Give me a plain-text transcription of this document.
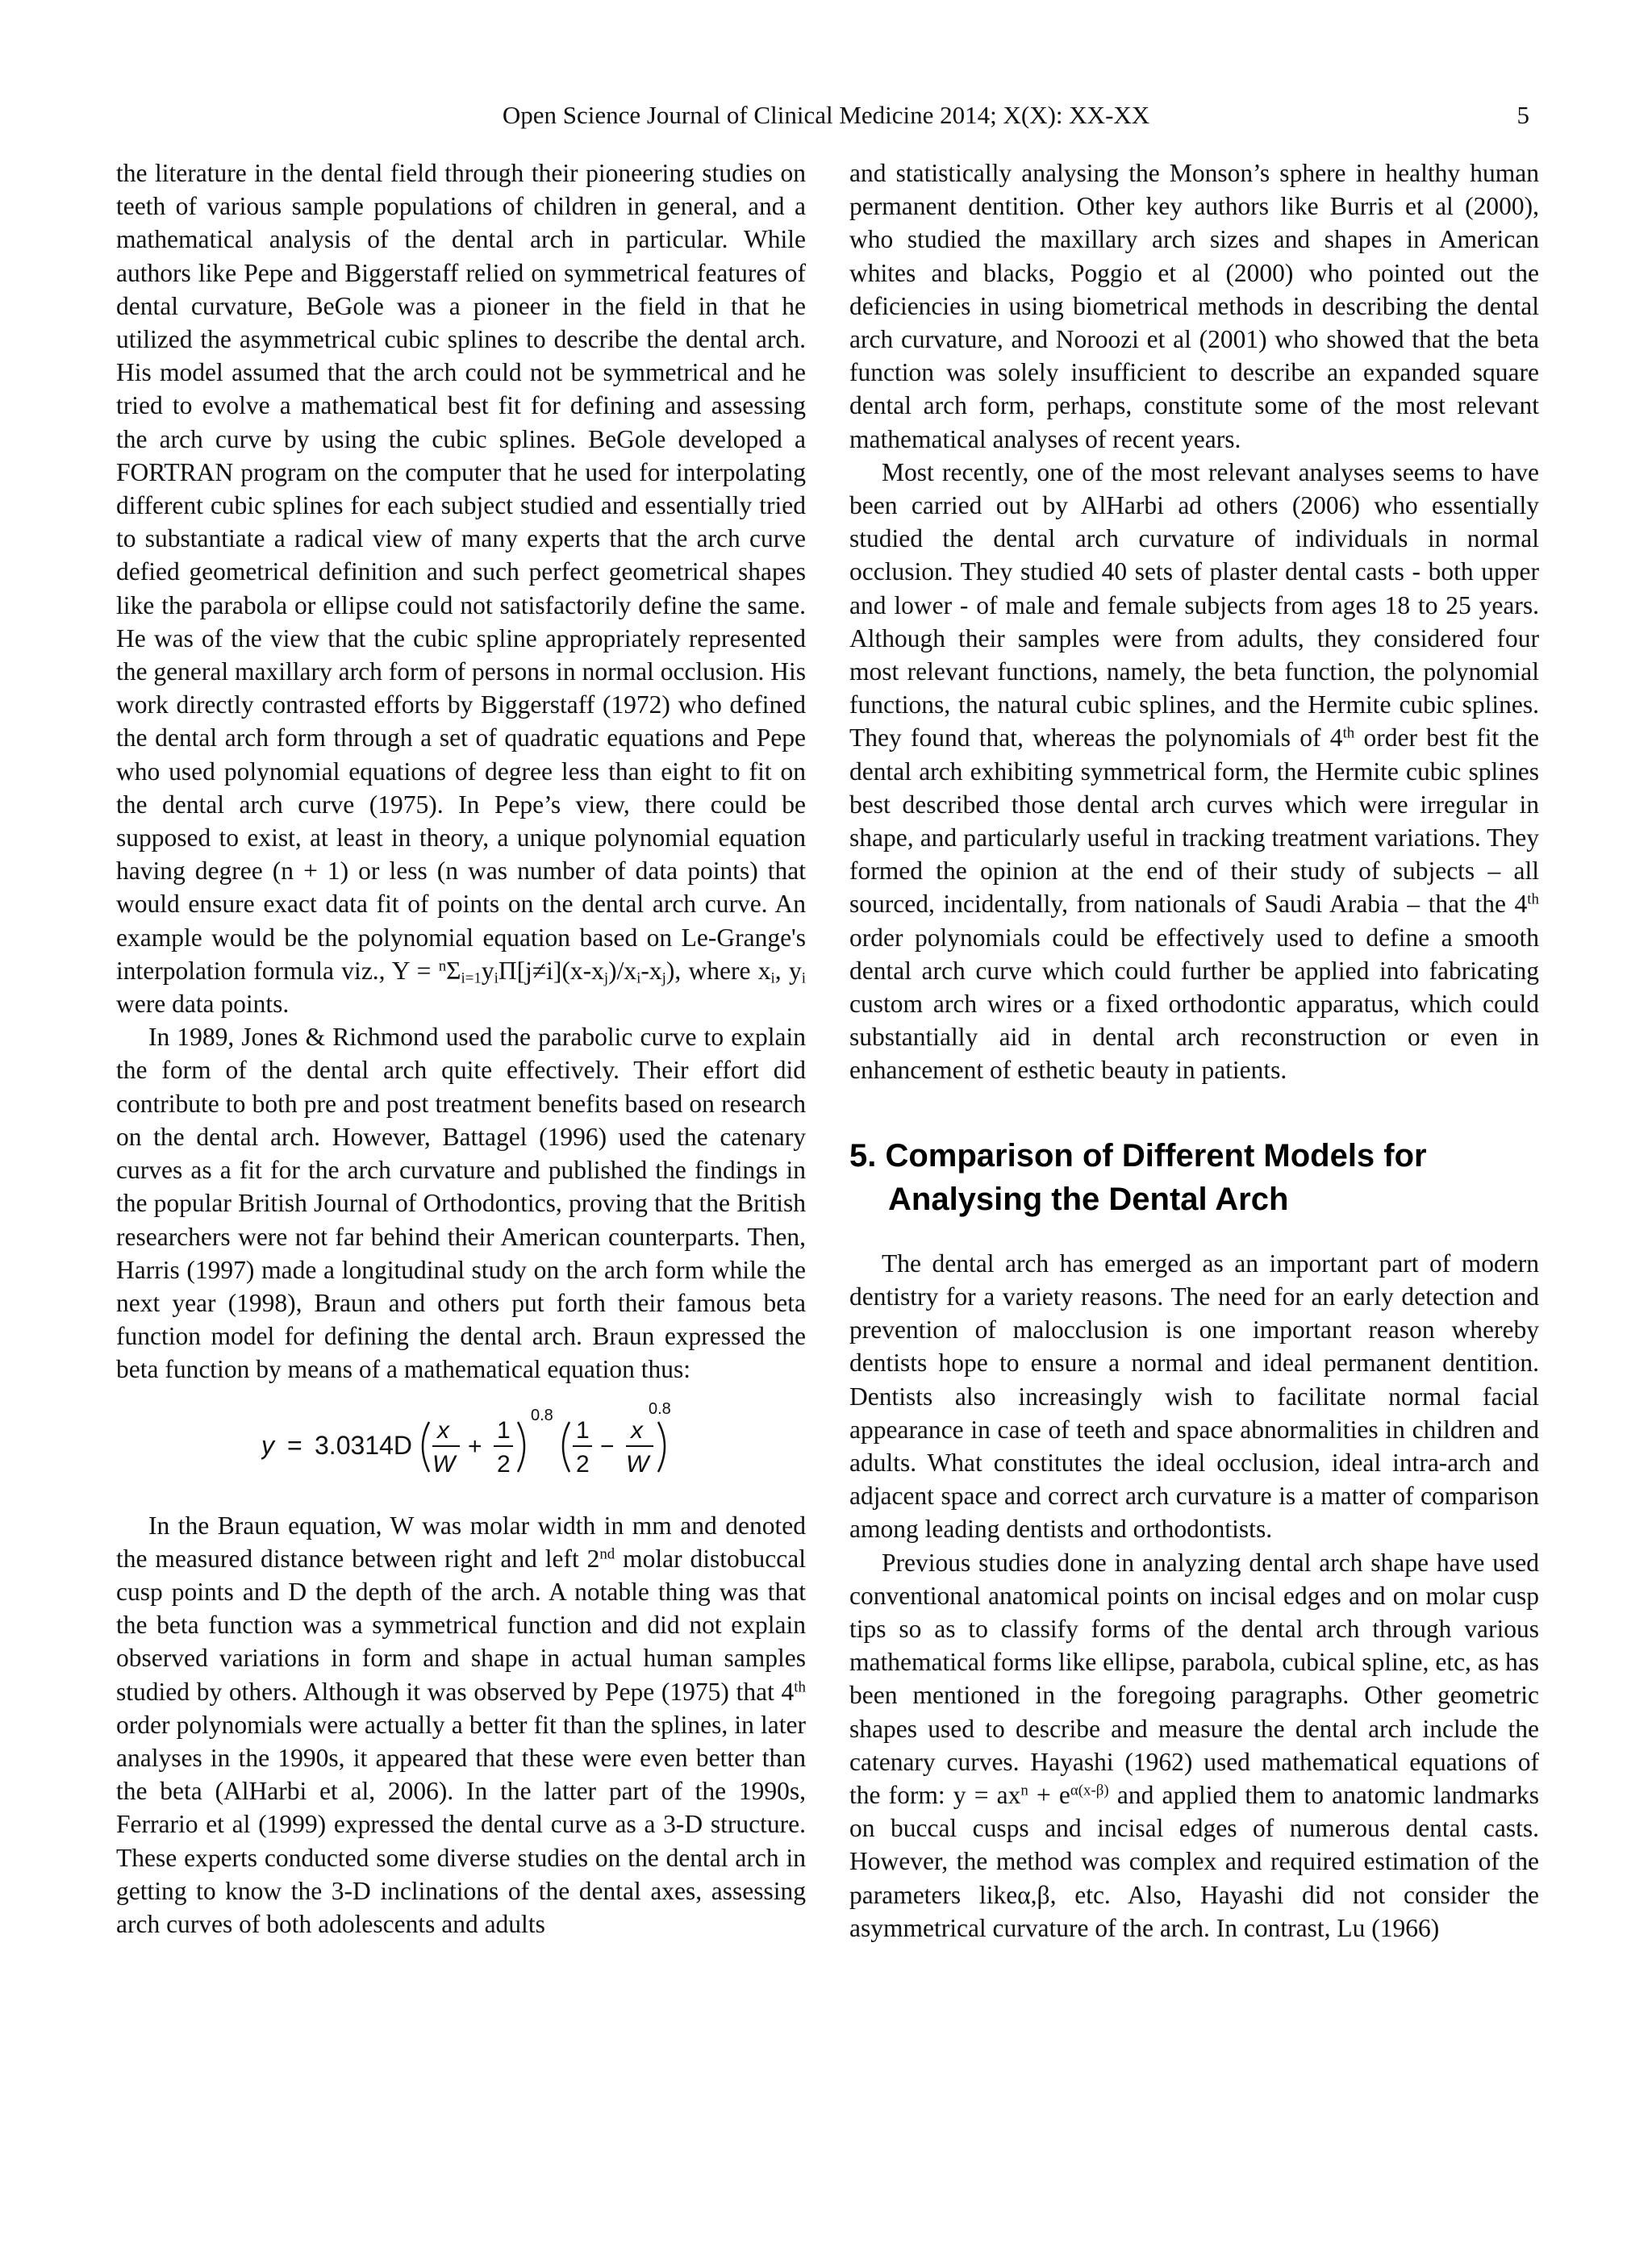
Open Science Journal of Clinical Medicine 2014; X(X): XX-XX	5

the literature in the dental field through their pioneering studies on teeth of various sample populations of children in general, and a mathematical analysis of the dental arch in particular. While authors like Pepe and Biggerstaff relied on symmetrical features of dental curvature, BeGole was a pioneer in the field in that he utilized the asymmetrical cubic splines to describe the dental arch. His model assumed that the arch could not be symmetrical and he tried to evolve a mathematical best fit for defining and assessing the arch curve by using the cubic splines. BeGole developed a FORTRAN program on the computer that he used for interpolating different cubic splines for each subject studied and essentially tried to substantiate a radical view of many experts that the arch curve defied geometrical definition and such perfect geometrical shapes like the parabola or ellipse could not satisfactorily define the same. He was of the view that the cubic spline appropriately represented the general maxillary arch form of persons in normal occlusion. His work directly contrasted efforts by Biggerstaff (1972) who defined the dental arch form through a set of quadratic equations and Pepe who used polynomial equations of degree less than eight to fit on the dental arch curve (1975). In Pepe’s view, there could be supposed to exist, at least in theory, a unique polynomial equation having degree (n + 1) or less (n was number of data points) that would ensure exact data fit of points on the dental arch curve. An example would be the polynomial equation based on Le-Grange's interpolation formula viz., $Y = ^n\Sigma_{i=1}y_i\Pi[j\ne i](x-x_j)/x_i-x_j$), where $x_i$, $y_i$ were data points.

In 1989, Jones & Richmond used the parabolic curve to explain the form of the dental arch quite effectively. Their effort did contribute to both pre and post treatment benefits based on research on the dental arch. However, Battagel (1996) used the catenary curves as a fit for the arch curvature and published the findings in the popular British Journal of Orthodontics, proving that the British researchers were not far behind their American counterparts. Then, Harris (1997) made a longitudinal study on the arch form while the next year (1998), Braun and others put forth their famous beta function model for defining the dental arch. Braun expressed the beta function by means of a mathematical equation thus:

y = 3.0314D
x
W
+
1
2
0.8
1
2
−
x
W
0.8

In the Braun equation, W was molar width in mm and denoted the measured distance between right and left 2nd molar distobuccal cusp points and D the depth of the arch. A notable thing was that the beta function was a symmetrical function and did not explain observed variations in form and shape in actual human samples studied by others. Although it was observed by Pepe (1975) that 4th order polynomials were actually a better fit than the splines, in later analyses in the 1990s, it appeared that these were even better than the beta (AlHarbi et al, 2006). In the latter part of the 1990s, Ferrario et al (1999) expressed the dental curve as a 3-D structure. These experts conducted some diverse studies on the dental arch in getting to know the 3-D inclinations of the dental axes, assessing arch curves of both adolescents and adults

and statistically analysing the Monson’s sphere in healthy human permanent dentition. Other key authors like Burris et al (2000), who studied the maxillary arch sizes and shapes in American whites and blacks, Poggio et al (2000) who pointed out the deficiencies in using biometrical methods in describing the dental arch curvature, and Noroozi et al (2001) who showed that the beta function was solely insufficient to describe an expanded square dental arch form, perhaps, constitute some of the most relevant mathematical analyses of recent years.

Most recently, one of the most relevant analyses seems to have been carried out by AlHarbi ad others (2006) who essentially studied the dental arch curvature of individuals in normal occlusion. They studied 40 sets of plaster dental casts - both upper and lower - of male and female subjects from ages 18 to 25 years. Although their samples were from adults, they considered four most relevant functions, namely, the beta function, the polynomial functions, the natural cubic splines, and the Hermite cubic splines. They found that, whereas the polynomials of 4th order best fit the dental arch exhibiting symmetrical form, the Hermite cubic splines best described those dental arch curves which were irregular in shape, and particularly useful in tracking treatment variations. They formed the opinion at the end of their study of subjects – all sourced, incidentally, from nationals of Saudi Arabia – that the 4th order polynomials could be effectively used to define a smooth dental arch curve which could further be applied into fabricating custom arch wires or a fixed orthodontic apparatus, which could substantially aid in dental arch reconstruction or even in enhancement of esthetic beauty in patients.

5. Comparison of Different Models for Analysing the Dental Arch

The dental arch has emerged as an important part of modern dentistry for a variety reasons. The need for an early detection and prevention of malocclusion is one important reason whereby dentists hope to ensure a normal and ideal permanent dentition. Dentists also increasingly wish to facilitate normal facial appearance in case of teeth and space abnormalities in children and adults. What constitutes the ideal occlusion, ideal intra-arch and adjacent space and correct arch curvature is a matter of comparison among leading dentists and orthodontists.

Previous studies done in analyzing dental arch shape have used conventional anatomical points on incisal edges and on molar cusp tips so as to classify forms of the dental arch through various mathematical forms like ellipse, parabola, cubical spline, etc, as has been mentioned in the foregoing paragraphs. Other geometric shapes used to describe and measure the dental arch include the catenary curves. Hayashi (1962) used mathematical equations of the form: $y = ax^n + e^{\alpha(x-\beta)}$ and applied them to anatomic landmarks on buccal cusps and incisal edges of numerous dental casts. However, the method was complex and required estimation of the parameters likeα,β, etc. Also, Hayashi did not consider the asymmetrical curvature of the arch. In contrast, Lu (1966)
